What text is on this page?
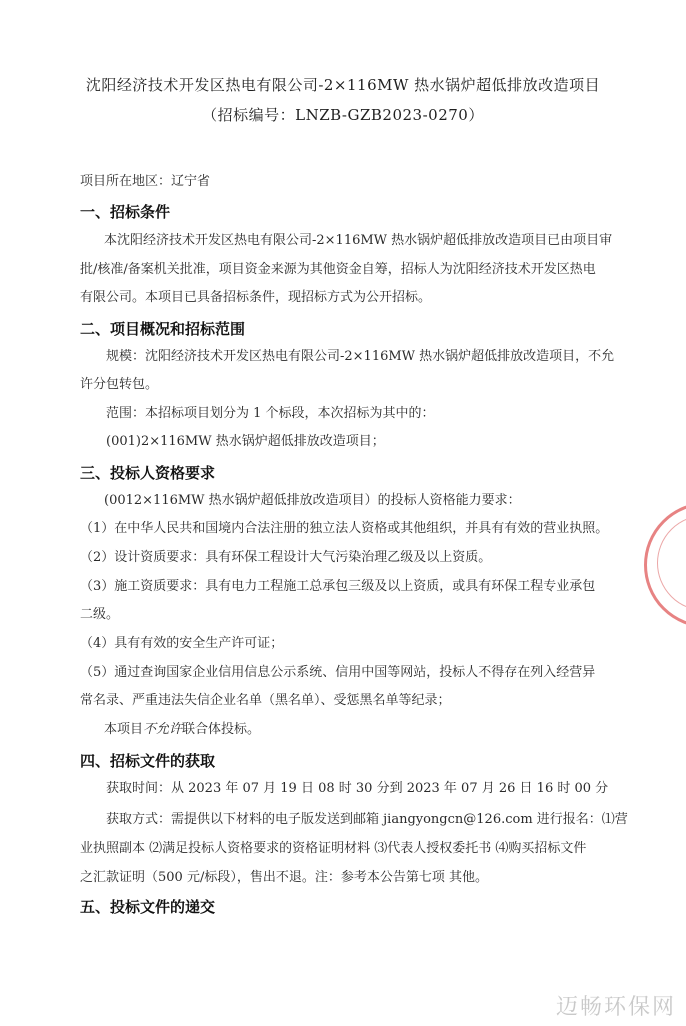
沈阳经济技术开发区热电有限公司-2×116MW 热水锅炉超低排放改造项目
（招标编号：LNZB-GZB2023-0270）
项目所在地区：辽宁省
一、招标条件
本沈阳经济技术开发区热电有限公司-2×116MW 热水锅炉超低排放改造项目已由项目审
批/核准/备案机关批准，项目资金来源为其他资金自筹，招标人为沈阳经济技术开发区热电
有限公司。本项目已具备招标条件，现招标方式为公开招标。
二、项目概况和招标范围
规模：沈阳经济技术开发区热电有限公司-2×116MW 热水锅炉超低排放改造项目，不允
许分包转包。
范围：本招标项目划分为 1 个标段，本次招标为其中的：
(001)2×116MW 热水锅炉超低排放改造项目；
三、投标人资格要求
(0012×116MW 热水锅炉超低排放改造项目）的投标人资格能力要求：
（1）在中华人民共和国境内合法注册的独立法人资格或其他组织，并具有有效的营业执照。
（2）设计资质要求：具有环保工程设计大气污染治理乙级及以上资质。
（3）施工资质要求：具有电力工程施工总承包三级及以上资质，或具有环保工程专业承包
二级。
（4）具有有效的安全生产许可证；
（5）通过查询国家企业信用信息公示系统、信用中国等网站，投标人不得存在列入经营异
常名录、严重违法失信企业名单（黑名单）、受惩黑名单等纪录；
本项目不允许联合体投标。
四、招标文件的获取
获取时间：从 2023 年 07 月 19 日 08 时 30 分到 2023 年 07 月 26 日 16 时 00 分
获取方式：需提供以下材料的电子版发送到邮箱 jiangyongcn@126.com 进行报名：⑴营
业执照副本 ⑵满足投标人资格要求的资格证明材料 ⑶代表人授权委托书 ⑷购买招标文件
之汇款证明（500 元/标段），售出不退。注：参考本公告第七项 其他。
五、投标文件的递交
迈畅环保网
